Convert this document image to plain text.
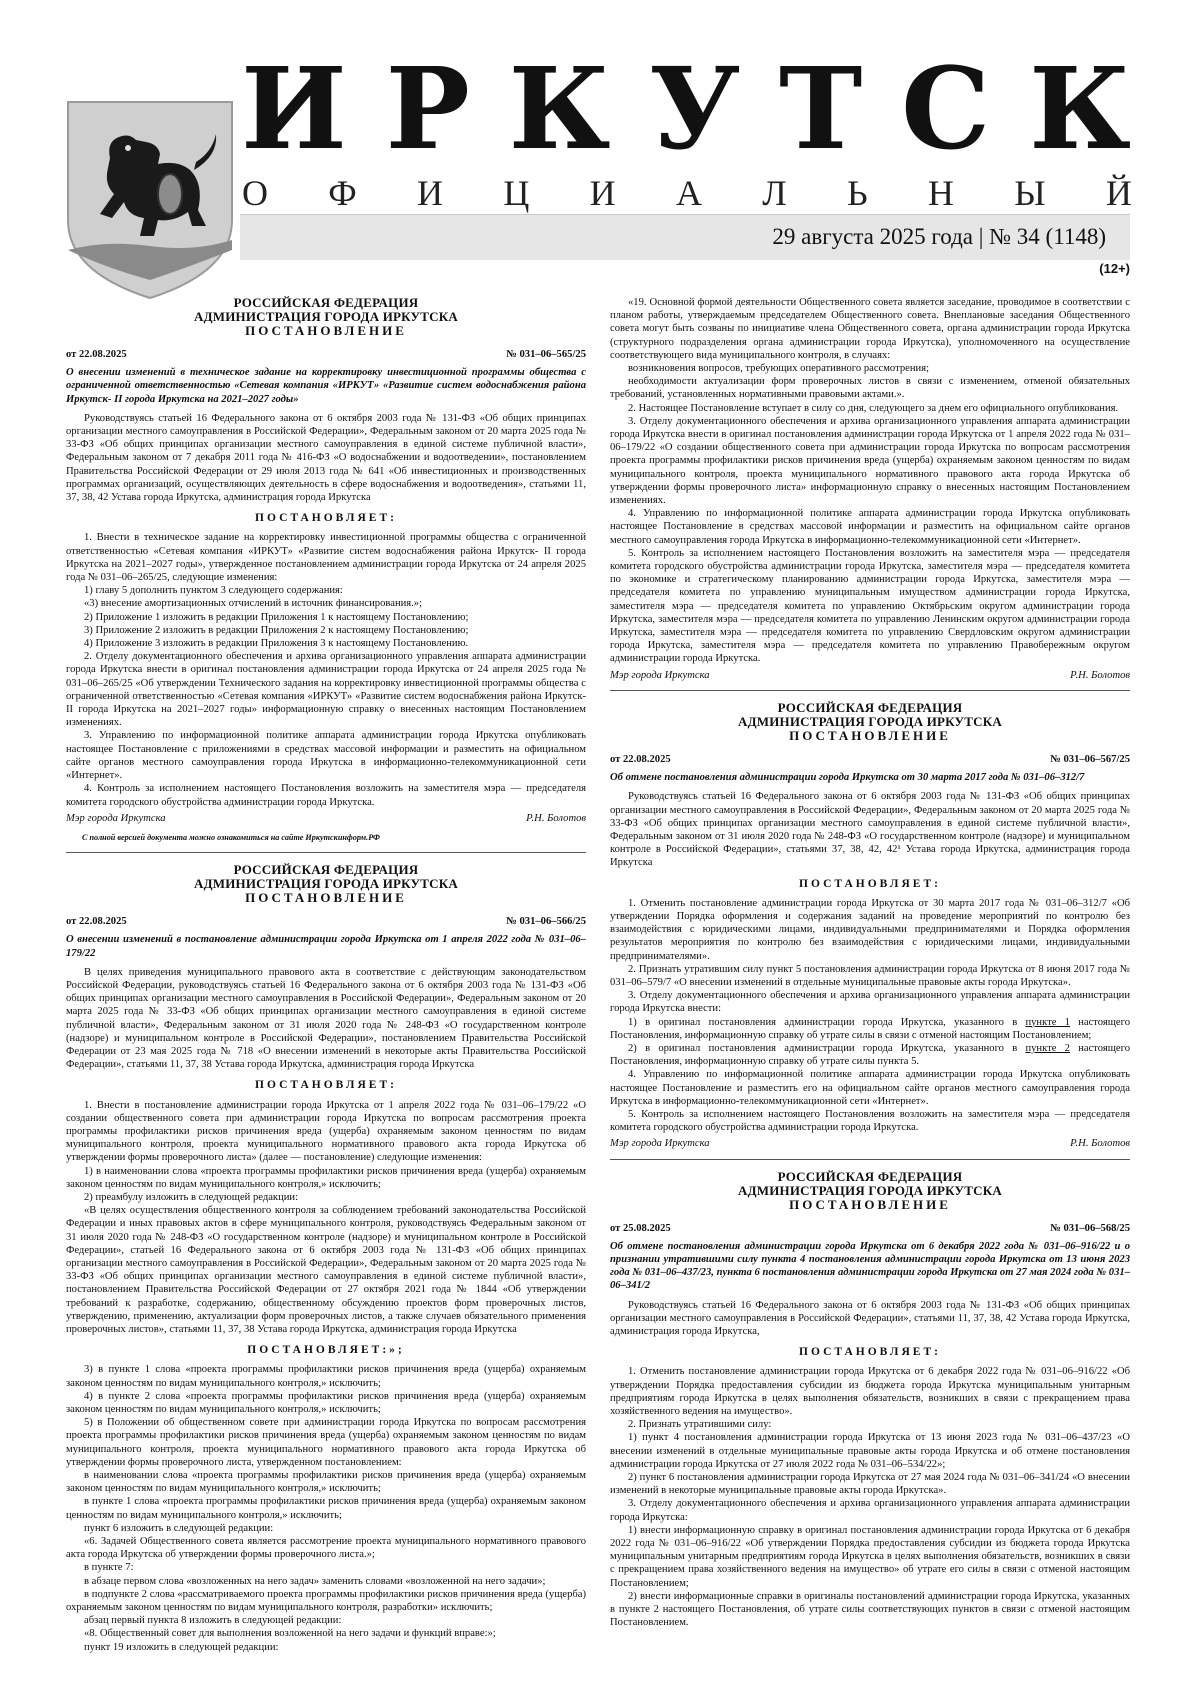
И Р К У Т С К
О Ф И Ц И А Л Ь Н Ы Й
29 августа 2025 года | № 34 (1148)
(12+)
РОССИЙСКАЯ ФЕДЕРАЦИЯ
АДМИНИСТРАЦИЯ ГОРОДА ИРКУТСКА
ПОСТАНОВЛЕНИЕ
от 22.08.2025	№ 031–06–565/25
О внесении изменений в техническое задание на корректировку инвестиционной программы общества с ограниченной ответственностью «Сетевая компания «ИРКУТ» «Развитие систем водоснабжения района Иркутск- II города Иркутска на 2021–2027 годы»
Руководствуясь статьей 16 Федерального закона от 6 октября 2003 года № 131-ФЗ «Об общих принципах организации местного самоуправления в Российской Федерации», Федеральным законом от 20 марта 2025 года № 33-ФЗ «Об общих принципах организации местного самоуправления в единой системе публичной власти», Федеральным законом от 7 декабря 2011 года № 416-ФЗ «О водоснабжении и водоотведении», постановлением Правительства Российской Федерации от 29 июля 2013 года № 641 «Об инвестиционных и производственных программах организаций, осуществляющих деятельность в сфере водоснабжения и водоотведения», статьями 11, 37, 38, 42 Устава города Иркутска, администрация города Иркутска
ПОСТАНОВЛЯЕТ:
1. Внести в техническое задание на корректировку инвестиционной программы общества с ограниченной ответственностью «Сетевая компания «ИРКУТ» «Развитие систем водоснабжения района Иркутск- II города Иркутска на 2021–2027 годы», утвержденное постановлением администрации города Иркутска от 24 апреля 2025 года № 031–06–265/25, следующие изменения:
1) главу 5 дополнить пунктом 3 следующего содержания:
«3) внесение амортизационных отчислений в источник финансирования.»;
2) Приложение 1 изложить в редакции Приложения 1 к настоящему Постановлению;
3) Приложение 2 изложить в редакции Приложения 2 к настоящему Постановлению;
4) Приложение 3 изложить в редакции Приложения 3 к настоящему Постановлению.
2. Отделу документационного обеспечения и архива организационного управления аппарата администрации города Иркутска внести в оригинал постановления администрации города Иркутска от 24 апреля 2025 года № 031–06–265/25 «Об утверждении Технического задания на корректировку инвестиционной программы общества с ограниченной ответственностью «Сетевая компания «ИРКУТ» «Развитие систем водоснабжения района Иркутск- II города Иркутска на 2021–2027 годы» информационную справку о внесенных настоящим Постановлением изменениях.
3. Управлению по информационной политике аппарата администрации города Иркутска опубликовать настоящее Постановление с приложениями в средствах массовой информации и разместить на официальном сайте органов местного самоуправления города Иркутска в информационно-телекоммуникационной сети «Интернет».
4. Контроль за исполнением настоящего Постановления возложить на заместителя мэра — председателя комитета городского обустройства администрации города Иркутска.
Мэр города Иркутска	Р.Н. Болотов
С полной версией документа можно ознакомиться на сайте Иркутскинформ.РФ
РОССИЙСКАЯ ФЕДЕРАЦИЯ
АДМИНИСТРАЦИЯ ГОРОДА ИРКУТСКА
ПОСТАНОВЛЕНИЕ
от 22.08.2025	№ 031–06–566/25
О внесении изменений в постановление администрации города Иркутска от 1 апреля 2022 года № 031–06–179/22
В целях приведения муниципального правового акта в соответствие с действующим законодательством Российской Федерации, руководствуясь статьей 16 Федерального закона от 6 октября 2003 года № 131-ФЗ «Об общих принципах организации местного самоуправления в Российской Федерации», Федеральным законом от 20 марта 2025 года № 33-ФЗ «Об общих принципах организации местного самоуправления в единой системе публичной власти», Федеральным законом от 31 июля 2020 года № 248-ФЗ «О государственном контроле (надзоре) и муниципальном контроле в Российской Федерации», постановлением Правительства Российской Федерации от 23 мая 2025 года № 718 «О внесении изменений в некоторые акты Правительства Российской Федерации», статьями 11, 37, 38 Устава города Иркутска, администрация города Иркутска
ПОСТАНОВЛЯЕТ:
1. Внести в постановление администрации города Иркутска от 1 апреля 2022 года № 031–06–179/22 «О создании общественного совета при администрации города Иркутска по вопросам рассмотрения проекта программы профилактики рисков причинения вреда (ущерба) охраняемым законом ценностям по видам муниципального контроля, проекта муниципального нормативного правового акта города Иркутска об утверждении формы проверочного листа» (далее — постановление) следующие изменения:
1) в наименовании слова «проекта программы профилактики рисков причинения вреда (ущерба) охраняемым законом ценностям по видам муниципального контроля,» исключить;
2) преамбулу изложить в следующей редакции:
«В целях осуществления общественного контроля за соблюдением требований законодательства Российской Федерации и иных правовых актов в сфере муниципального контроля, руководствуясь Федеральным законом от 31 июля 2020 года № 248-ФЗ «О государственном контроле (надзоре) и муниципальном контроле в Российской Федерации», статьей 16 Федерального закона от 6 октября 2003 года № 131-ФЗ «Об общих принципах организации местного самоуправления в Российской Федерации», Федеральным законом от 20 марта 2025 года № 33-ФЗ «Об общих принципах организации местного самоуправления в единой системе публичной власти», постановлением Правительства Российской Федерации от 27 октября 2021 года № 1844 «Об утверждении требований к разработке, содержанию, общественному обсуждению проектов форм проверочных листов, утверждению, применению, актуализации форм проверочных листов, а также случаев обязательного применения проверочных листов», статьями 11, 37, 38 Устава города Иркутска, администрация города Иркутска
ПОСТАНОВЛЯЕТ:»;
3) в пункте 1 слова «проекта программы профилактики рисков причинения вреда (ущерба) охраняемым законом ценностям по видам муниципального контроля,» исключить;
4) в пункте 2 слова «проекта программы профилактики рисков причинения вреда (ущерба) охраняемым законом ценностям по видам муниципального контроля,» исключить;
5) в Положении об общественном совете при администрации города Иркутска по вопросам рассмотрения проекта программы профилактики рисков причинения вреда (ущерба) охраняемым законом ценностям по видам муниципального контроля, проекта муниципального нормативного правового акта города Иркутска об утверждении формы проверочного листа, утвержденном постановлением:
в наименовании слова «проекта программы профилактики рисков причинения вреда (ущерба) охраняемым законом ценностям по видам муниципального контроля,» исключить;
в пункте 1 слова «проекта программы профилактики рисков причинения вреда (ущерба) охраняемым законом ценностям по видам муниципального контроля,» исключить;
пункт 6 изложить в следующей редакции:
«6. Задачей Общественного совета является рассмотрение проекта муниципального нормативного правового акта города Иркутска об утверждении формы проверочного листа.»;
в пункте 7:
в абзаце первом слова «возложенных на него задач» заменить словами «возложенной на него задачи»;
в подпункте 2 слова «рассматриваемого проекта программы профилактики рисков причинения вреда (ущерба) охраняемым законом ценностям по видам муниципального контроля, разработки» исключить;
абзац первый пункта 8 изложить в следующей редакции:
«8. Общественный совет для выполнения возложенной на него задачи и функций вправе:»;
пункт 19 изложить в следующей редакции:
«19. Основной формой деятельности Общественного совета является заседание, проводимое в соответствии с планом работы, утверждаемым председателем Общественного совета. Внеплановые заседания Общественного совета могут быть созваны по инициативе члена Общественного совета, органа администрации города Иркутска (структурного подразделения органа администрации города Иркутска), уполномоченного на осуществление соответствующего вида муниципального контроля, в случаях:
возникновения вопросов, требующих оперативного рассмотрения;
необходимости актуализации форм проверочных листов в связи с изменением, отменой обязательных требований, установленных нормативными правовыми актами.».
2. Настоящее Постановление вступает в силу со дня, следующего за днем его официального опубликования.
3. Отделу документационного обеспечения и архива организационного управления аппарата администрации города Иркутска внести в оригинал постановления администрации города Иркутска от 1 апреля 2022 года № 031–06–179/22 «О создании общественного совета при администрации города Иркутска по вопросам рассмотрения проекта программы профилактики рисков причинения вреда (ущерба) охраняемым законом ценностям по видам муниципального контроля, проекта муниципального нормативного правового акта города Иркутска об утверждении формы проверочного листа» информационную справку о внесенных настоящим Постановлением изменениях.
4. Управлению по информационной политике аппарата администрации города Иркутска опубликовать настоящее Постановление в средствах массовой информации и разместить на официальном сайте органов местного самоуправления города Иркутска в информационно-телекоммуникационной сети «Интернет».
5. Контроль за исполнением настоящего Постановления возложить на заместителя мэра — председателя комитета городского обустройства администрации города Иркутска, заместителя мэра — председателя комитета по экономике и стратегическому планированию администрации города Иркутска, заместителя мэра — председателя комитета по управлению муниципальным имуществом администрации города Иркутска, заместителя мэра — председателя комитета по управлению Октябрьским округом администрации города Иркутска, заместителя мэра — председателя комитета по управлению Ленинским округом администрации города Иркутска, заместителя мэра — председателя комитета по управлению Свердловским округом администрации города Иркутска, заместителя мэра — председателя комитета по управлению Правобережным округом администрации города Иркутска.
Мэр города Иркутска	Р.Н. Болотов
РОССИЙСКАЯ ФЕДЕРАЦИЯ
АДМИНИСТРАЦИЯ ГОРОДА ИРКУТСКА
ПОСТАНОВЛЕНИЕ
от 22.08.2025	№ 031–06–567/25
Об отмене постановления администрации города Иркутска от 30 марта 2017 года № 031–06–312/7
Руководствуясь статьей 16 Федерального закона от 6 октября 2003 года № 131-ФЗ «Об общих принципах организации местного самоуправления в Российской Федерации», Федеральным законом от 20 марта 2025 года № 33-ФЗ «Об общих принципах организации местного самоуправления в единой системе публичной власти», Федеральным законом от 31 июля 2020 года № 248-ФЗ «О государственном контроле (надзоре) и муниципальном контроле в Российской Федерации», статьями 37, 38, 42, 42¹ Устава города Иркутска, администрация города Иркутска
ПОСТАНОВЛЯЕТ:
1. Отменить постановление администрации города Иркутска от 30 марта 2017 года № 031–06–312/7 «Об утверждении Порядка оформления и содержания заданий на проведение мероприятий по контролю без взаимодействия с юридическими лицами, индивидуальными предпринимателями и Порядка оформления результатов мероприятия по контролю без взаимодействия с юридическими лицами, индивидуальными предпринимателями».
2. Признать утратившим силу пункт 5 постановления администрации города Иркутска от 8 июня 2017 года № 031–06–579/7 «О внесении изменений в отдельные муниципальные правовые акты города Иркутска».
3. Отделу документационного обеспечения и архива организационного управления аппарата администрации города Иркутска внести:
1) в оригинал постановления администрации города Иркутска, указанного в пункте 1 настоящего Постановления, информационную справку об утрате силы в связи с отменой настоящим Постановлением;
2) в оригинал постановления администрации города Иркутска, указанного в пункте 2 настоящего Постановления, информационную справку об утрате силы пункта 5.
4. Управлению по информационной политике аппарата администрации города Иркутска опубликовать настоящее Постановление и разместить его на официальном сайте органов местного самоуправления города Иркутска в информационно-телекоммуникационной сети «Интернет».
5. Контроль за исполнением настоящего Постановления возложить на заместителя мэра — председателя комитета городского обустройства администрации города Иркутска.
Мэр города Иркутска	Р.Н. Болотов
РОССИЙСКАЯ ФЕДЕРАЦИЯ
АДМИНИСТРАЦИЯ ГОРОДА ИРКУТСКА
ПОСТАНОВЛЕНИЕ
от 25.08.2025	№ 031–06–568/25
Об отмене постановления администрации города Иркутска от 6 декабря 2022 года № 031–06–916/22 и о признании утратившими силу пункта 4 постановления администрации города Иркутска от 13 июня 2023 года № 031–06–437/23, пункта 6 постановления администрации города Иркутска от 27 мая 2024 года № 031–06–341/2
Руководствуясь статьей 16 Федерального закона от 6 октября 2003 года № 131-ФЗ «Об общих принципах организации местного самоуправления в Российской Федерации», статьями 11, 37, 38, 42 Устава города Иркутска, администрация города Иркутска,
ПОСТАНОВЛЯЕТ:
1. Отменить постановление администрации города Иркутска от 6 декабря 2022 года № 031–06–916/22 «Об утверждении Порядка предоставления субсидии из бюджета города Иркутска муниципальным унитарным предприятиям города Иркутска в целях выполнения обязательств, возникших в связи с прекращением права хозяйственного ведения на имущество».
2. Признать утратившими силу:
1) пункт 4 постановления администрации города Иркутска от 13 июня 2023 года № 031–06–437/23 «О внесении изменений в отдельные муниципальные правовые акты города Иркутска и об отмене постановления администрации города Иркутска от 27 июля 2022 года № 031–06–534/22»;
2) пункт 6 постановления администрации города Иркутска от 27 мая 2024 года № 031–06–341/24 «О внесении изменений в некоторые муниципальные правовые акты города Иркутска».
3. Отделу документационного обеспечения и архива организационного управления аппарата администрации города Иркутска:
1) внести информационную справку в оригинал постановления администрации города Иркутска от 6 декабря 2022 года № 031–06–916/22 «Об утверждении Порядка предоставления субсидии из бюджета города Иркутска муниципальным унитарным предприятиям города Иркутска в целях выполнения обязательств, возникших в связи с прекращением права хозяйственного ведения на имущество» об утрате его силы в связи с отменой настоящим Постановлением;
2) внести информационные справки в оригиналы постановлений администрации города Иркутска, указанных в пункте 2 настоящего Постановления, об утрате силы соответствующих пунктов в связи с отменой настоящим Постановлением.
